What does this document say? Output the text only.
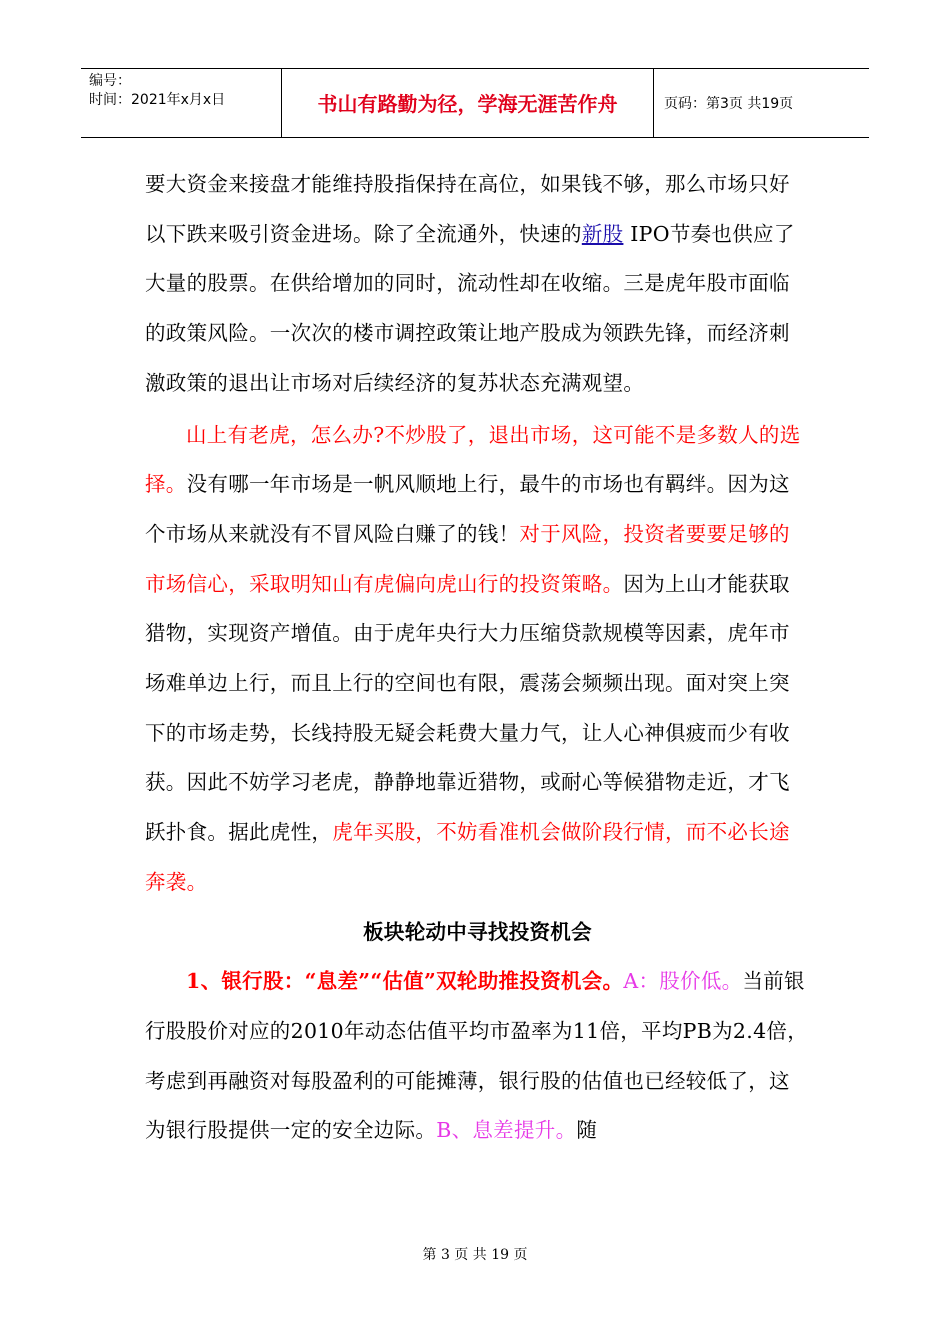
编号：
时间：2021年x月x日	书山有路勤为径，学海无涯苦作舟	页码：第3页 共19页

要大资金来接盘才能维持股指保持在高位，如果钱不够，那么市场只好以下跌来吸引资金进场。除了全流通外，快速的新股 IPO节奏也供应了大量的股票。在供给增加的同时，流动性却在收缩。三是虎年股市面临的政策风险。一次次的楼市调控政策让地产股成为领跌先锋，而经济刺激政策的退出让市场对后续经济的复苏状态充满观望。

山上有老虎，怎么办?不炒股了，退出市场，这可能不是多数人的选择。没有哪一年市场是一帆风顺地上行，最牛的市场也有羁绊。因为这个市场从来就没有不冒风险白赚了的钱！对于风险，投资者要要足够的市场信心，采取明知山有虎偏向虎山行的投资策略。因为上山才能获取猎物，实现资产增值。由于虎年央行大力压缩贷款规模等因素，虎年市场难单边上行，而且上行的空间也有限，震荡会频频出现。面对突上突下的市场走势，长线持股无疑会耗费大量力气，让人心神俱疲而少有收获。因此不妨学习老虎，静静地靠近猎物，或耐心等候猎物走近，才飞跃扑食。据此虎性，虎年买股，不妨看准机会做阶段行情，而不必长途奔袭。

板块轮动中寻找投资机会

1、银行股：“息差”“估值”双轮助推投资机会。A：股价低。当前银行股股价对应的2010年动态估值平均市盈率为11倍，平均PB为2.4倍，考虑到再融资对每股盈利的可能摊薄，银行股的估值也已经较低了，这为银行股提供一定的安全边际。B、息差提升。随

第 3 页 共 19 页
